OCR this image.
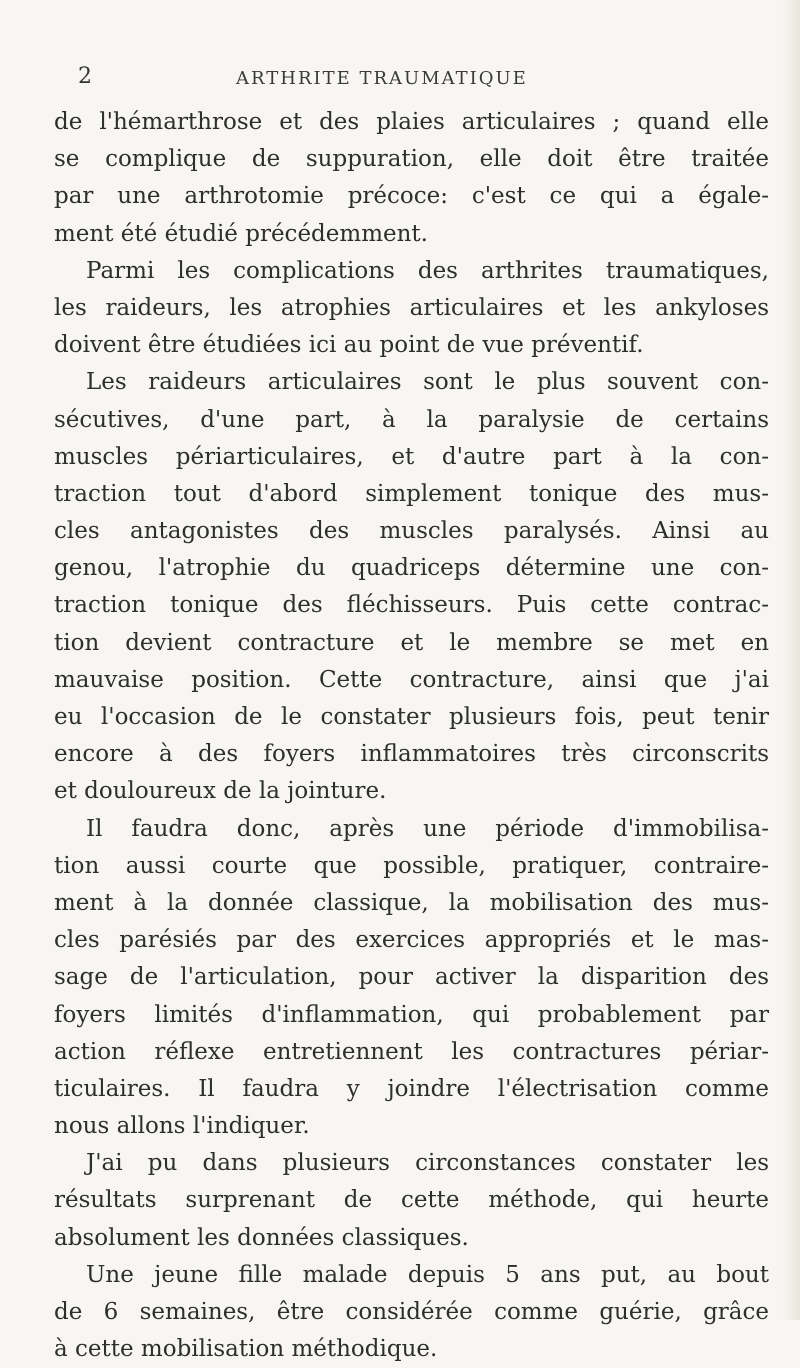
2	ARTHRITE TRAUMATIQUE
de l'hémarthrose et des plaies articulaires ; quand elle
se complique de suppuration, elle doit être traitée
par une arthrotomie précoce: c'est ce qui a égale-
ment été étudié précédemment.
Parmi les complications des arthrites traumatiques,
les raideurs, les atrophies articulaires et les ankyloses
doivent être étudiées ici au point de vue préventif.
Les raideurs articulaires sont le plus souvent con-
sécutives, d'une part, à la paralysie de certains
muscles périarticulaires, et d'autre part à la con-
traction tout d'abord simplement tonique des mus-
cles antagonistes des muscles paralysés. Ainsi au
genou, l'atrophie du quadriceps détermine une con-
traction tonique des fléchisseurs. Puis cette contrac-
tion devient contracture et le membre se met en
mauvaise position. Cette contracture, ainsi que j'ai
eu l'occasion de le constater plusieurs fois, peut tenir
encore à des foyers inflammatoires très circonscrits
et douloureux de la jointure.
Il faudra donc, après une période d'immobilisa-
tion aussi courte que possible, pratiquer, contraire-
ment à la donnée classique, la mobilisation des mus-
cles parésiés par des exercices appropriés et le mas-
sage de l'articulation, pour activer la disparition des
foyers limités d'inflammation, qui probablement par
action réflexe entretiennent les contractures périar-
ticulaires. Il faudra y joindre l'électrisation comme
nous allons l'indiquer.
J'ai pu dans plusieurs circonstances constater les
résultats surprenant de cette méthode, qui heurte
absolument les données classiques.
Une jeune fille malade depuis 5 ans put, au bout
de 6 semaines, être considérée comme guérie, grâce
à cette mobilisation méthodique.
